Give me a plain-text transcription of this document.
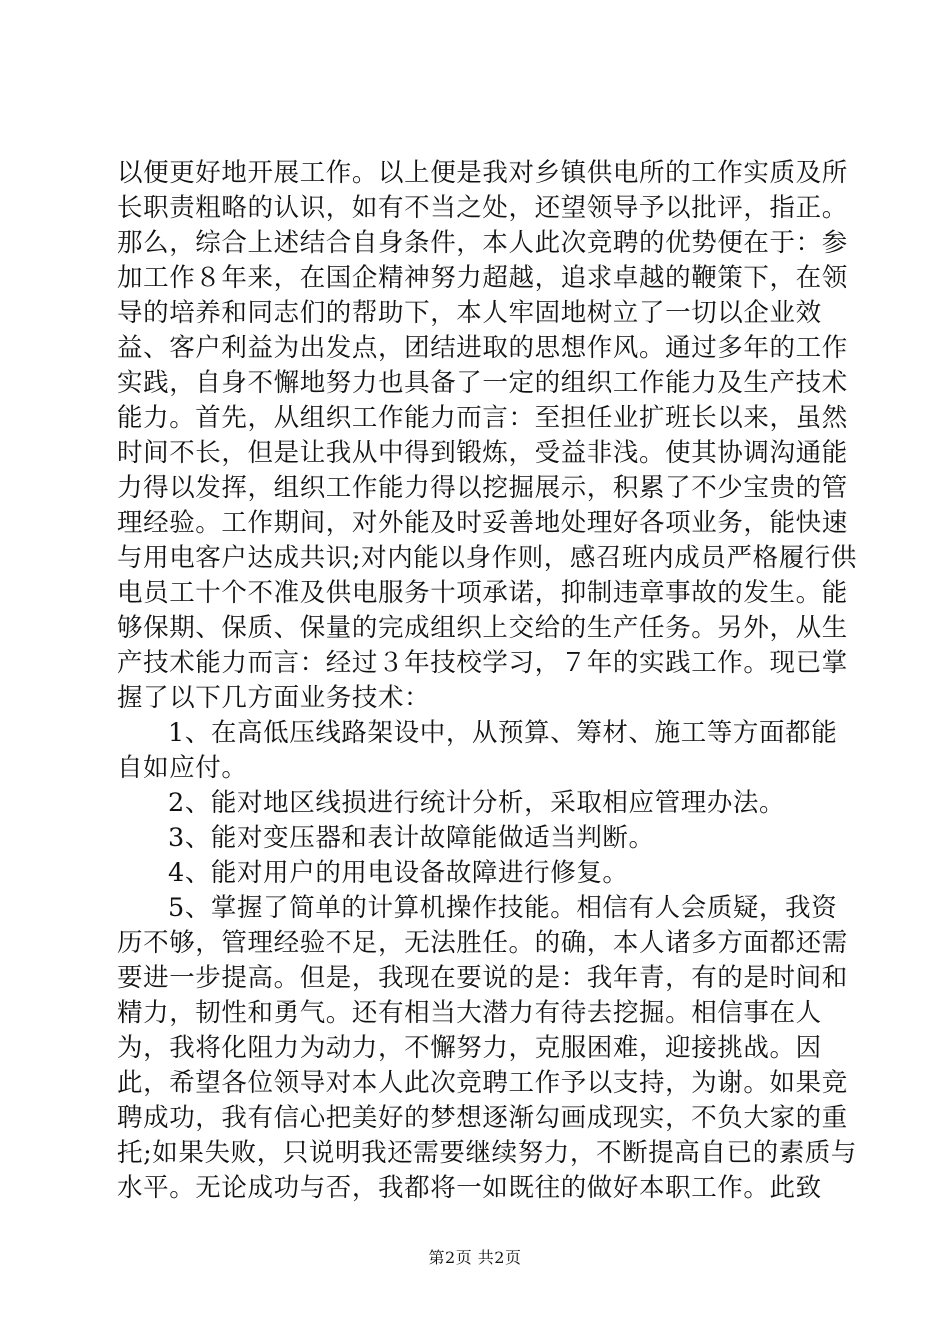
以便更好地开展工作。以上便是我对乡镇供电所的工作实质及所长职责粗略的认识，如有不当之处，还望领导予以批评，指正。那么，综合上述结合自身条件，本人此次竞聘的优势便在于：参加工作８年来，在国企精神努力超越，追求卓越的鞭策下，在领导的培养和同志们的帮助下，本人牢固地树立了一切以企业效益、客户利益为出发点，团结进取的思想作风。通过多年的工作实践，自身不懈地努力也具备了一定的组织工作能力及生产技术能力。首先，从组织工作能力而言：至担任业扩班长以来，虽然时间不长，但是让我从中得到锻炼，受益非浅。使其协调沟通能力得以发挥，组织工作能力得以挖掘展示，积累了不少宝贵的管理经验。工作期间，对外能及时妥善地处理好各项业务，能快速与用电客户达成共识;对内能以身作则，感召班内成员严格履行供电员工十个不准及供电服务十项承诺，抑制违章事故的发生。能够保期、保质、保量的完成组织上交给的生产任务。另外，从生产技术能力而言：经过３年技校学习，７年的实践工作。现已掌握了以下几方面业务技术：

1、在高低压线路架设中，从预算、筹材、施工等方面都能自如应付。

2、能对地区线损进行统计分析，采取相应管理办法。

3、能对变压器和表计故障能做适当判断。

4、能对用户的用电设备故障进行修复。

5、掌握了简单的计算机操作技能。相信有人会质疑，我资历不够，管理经验不足，无法胜任。的确，本人诸多方面都还需要进一步提高。但是，我现在要说的是：我年青，有的是时间和精力，韧性和勇气。还有相当大潜力有待去挖掘。相信事在人为，我将化阻力为动力，不懈努力，克服困难，迎接挑战。因此，希望各位领导对本人此次竞聘工作予以支持，为谢。如果竞聘成功，我有信心把美好的梦想逐渐勾画成现实，不负大家的重托;如果失败，只说明我还需要继续努力，不断提高自已的素质与水平。无论成功与否，我都将一如既往的做好本职工作。此致

第2页 共2页
